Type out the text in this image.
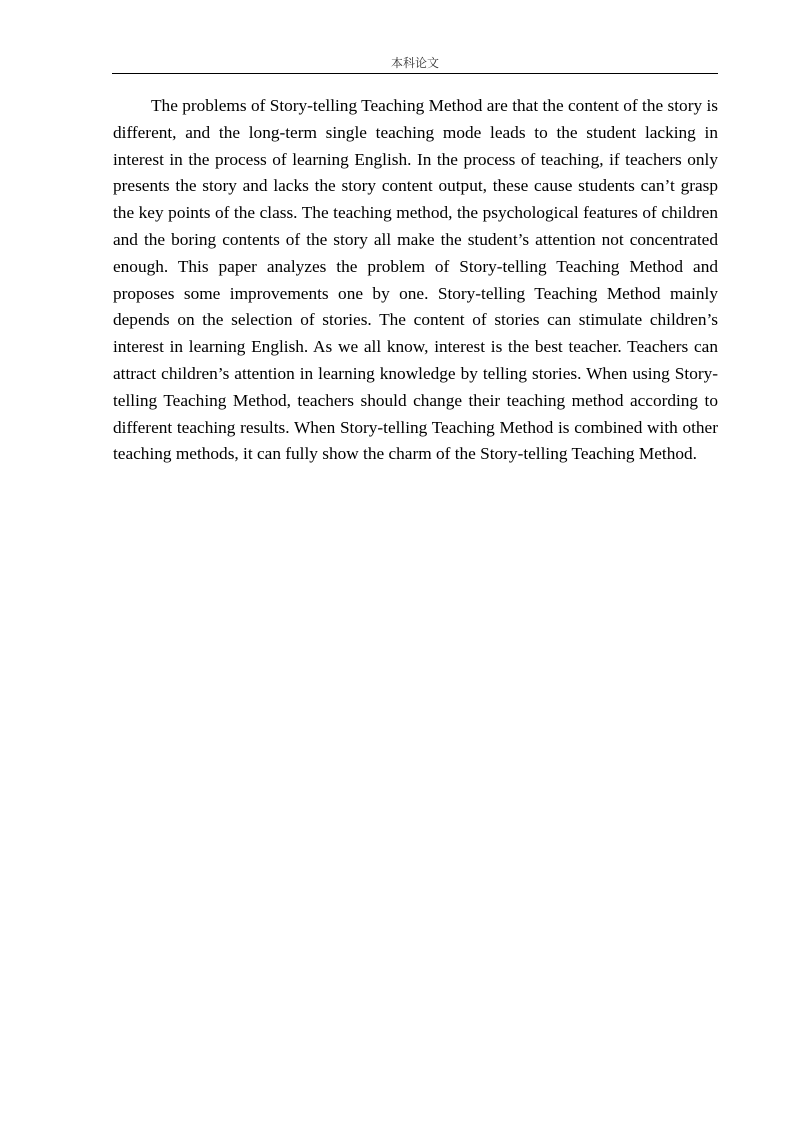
本科论文

The problems of Story-telling Teaching Method are that the content of the story is different, and the long-term single teaching mode leads to the student lacking in interest in the process of learning English. In the process of teaching, if teachers only presents the story and lacks the story content output, these cause students can’t grasp the key points of the class. The teaching method, the psychological features of children and the boring contents of the story all make the student’s attention not concentrated enough. This paper analyzes the problem of Story-telling Teaching Method and proposes some improvements one by one. Story-telling Teaching Method mainly depends on the selection of stories. The content of stories can stimulate children’s interest in learning English. As we all know, interest is the best teacher. Teachers can attract children’s attention in learning knowledge by telling stories. When using Story-telling Teaching Method, teachers should change their teaching method according to different teaching results. When Story-telling Teaching Method is combined with other teaching methods, it can fully show the charm of the Story-telling Teaching Method.
